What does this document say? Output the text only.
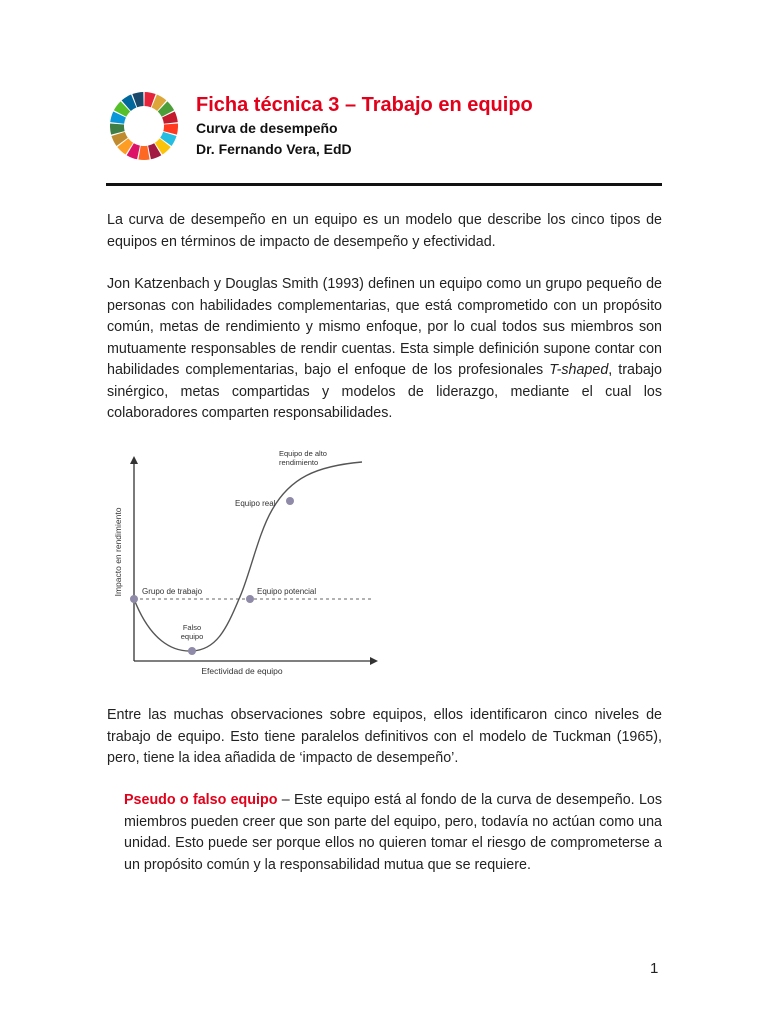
Ficha técnica 3 – Trabajo en equipo

Curva de desempeño

Dr. Fernando Vera, EdD

La curva de desempeño en un equipo es un modelo que describe los cinco tipos de equipos en términos de impacto de desempeño y efectividad.

Jon Katzenbach y Douglas Smith (1993) definen un equipo como un grupo pequeño de personas con habilidades complementarias, que está comprometido con un propósito común, metas de rendimiento y mismo enfoque, por lo cual todos sus miembros son mutuamente responsables de rendir cuentas. Esta simple definición supone contar con habilidades complementarias, bajo el enfoque de los profesionales T-shaped, trabajo sinérgico, metas compartidas y modelos de liderazgo, mediante el cual los colaboradores comparten responsabilidades.

Grupo de trabajo
Falso
equipo
Equipo potencial
Equipo real
Equipo de alto
rendimiento
Efectividad de equipo
Impacto en rendimiento

Entre las muchas observaciones sobre equipos, ellos identificaron cinco niveles de trabajo de equipo. Esto tiene paralelos definitivos con el modelo de Tuckman (1965), pero, tiene la idea añadida de ‘impacto de desempeño’.

Pseudo o falso equipo – Este equipo está al fondo de la curva de desempeño. Los miembros pueden creer que son parte del equipo, pero, todavía no actúan como una unidad. Esto puede ser porque ellos no quieren tomar el riesgo de comprometerse a un propósito común y la responsabilidad mutua que se requiere.

1
